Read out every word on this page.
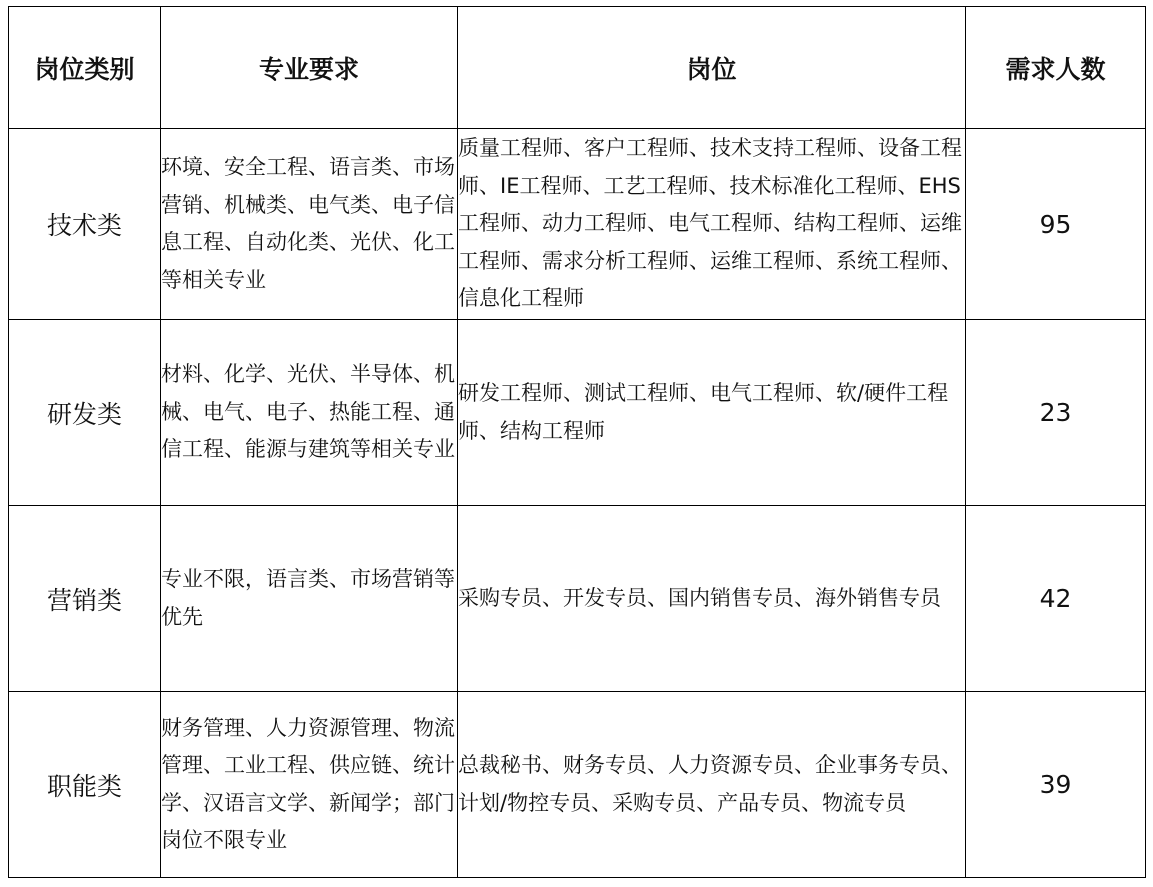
岗位类别	专业要求	岗位	需求人数
技术类	环境、安全工程、语言类、市场营销、机械类、电气类、电子信息工程、自动化类、光伏、化工等相关专业	质量工程师、客户工程师、技术支持工程师、设备工程师、IE工程师、工艺工程师、技术标准化工程师、EHS工程师、动力工程师、电气工程师、结构工程师、运维工程师、需求分析工程师、运维工程师、系统工程师、信息化工程师	95
研发类	材料、化学、光伏、半导体、机械、电气、电子、热能工程、通信工程、能源与建筑等相关专业	研发工程师、测试工程师、电气工程师、软/硬件工程师、结构工程师	23
营销类	专业不限，语言类、市场营销等优先	采购专员、开发专员、国内销售专员、海外销售专员	42
职能类	财务管理、人力资源管理、物流管理、工业工程、供应链、统计学、汉语言文学、新闻学；部门岗位不限专业	总裁秘书、财务专员、人力资源专员、企业事务专员、计划/物控专员、采购专员、产品专员、物流专员	39
